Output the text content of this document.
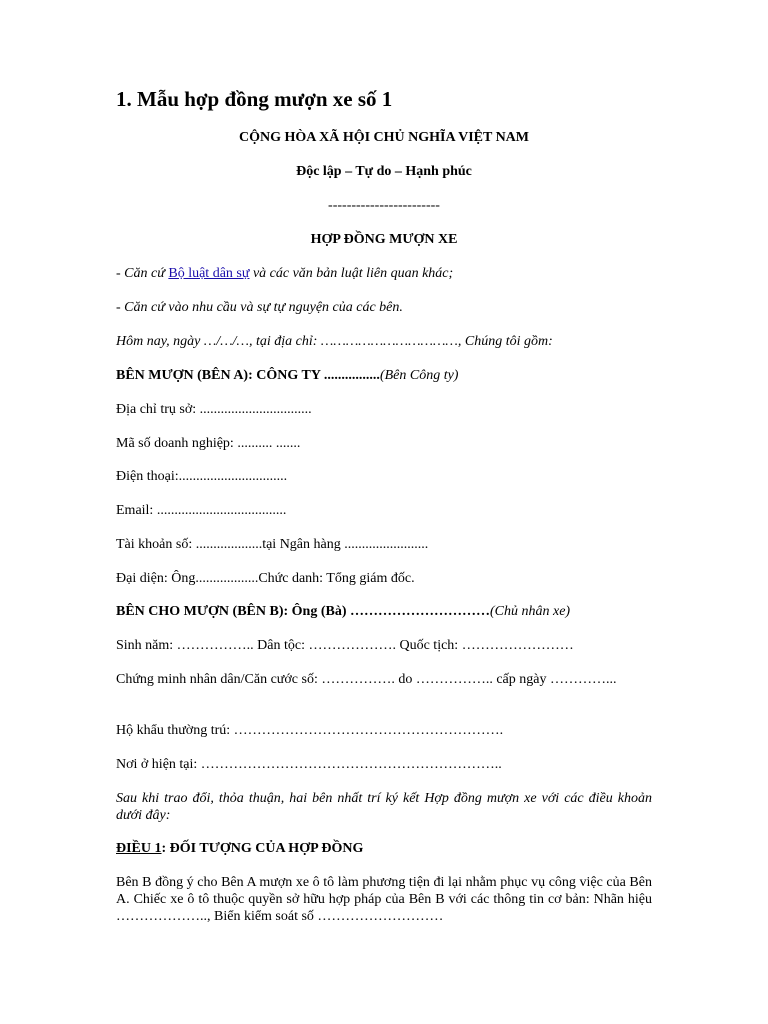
1. Mẫu hợp đồng mượn xe số 1
CỘNG HÒA XÃ HỘI CHỦ NGHĨA VIỆT NAM
Độc lập – Tự do – Hạnh phúc
------------------------
HỢP ĐỒNG MƯỢN XE
- Căn cứ Bộ luật dân sự và các văn bản luật liên quan khác;
- Căn cứ vào nhu cầu và sự tự nguyện của các bên.
Hôm nay, ngày …/…/…, tại địa chỉ: ……………………………, Chúng tôi gồm:
BÊN MƯỢN (BÊN A): CÔNG TY ................(Bên Công ty)
Địa chỉ trụ sở: ................................
Mã số doanh nghiệp: .......... .......
Điện thoại:...............................
Email: .....................................
Tài khoản số: ...................tại Ngân hàng ........................
Đại diện: Ông..................Chức danh: Tổng giám đốc.
BÊN CHO MƯỢN (BÊN B): Ông (Bà) …………………………(Chủ nhân xe)
Sinh năm: …………….. Dân tộc: ………………. Quốc tịch: ……………………
Chứng minh nhân dân/Căn cước số: ……………. do …………….. cấp ngày …………...
Hộ khẩu thường trú: ………………………………………………….
Nơi ở hiện tại: ………………………………………………………..
Sau khi trao đổi, thỏa thuận, hai bên nhất trí ký kết Hợp đồng mượn xe với các điều khoản dưới đây:
ĐIỀU 1: ĐỐI TƯỢNG CỦA HỢP ĐỒNG
Bên B đồng ý cho Bên A mượn xe ô tô làm phương tiện đi lại nhằm phục vụ công việc của Bên A. Chiếc xe ô tô thuộc quyền sở hữu hợp pháp của Bên B với các thông tin cơ bản: Nhãn hiệu ……………….., Biển kiểm soát số ………………………
